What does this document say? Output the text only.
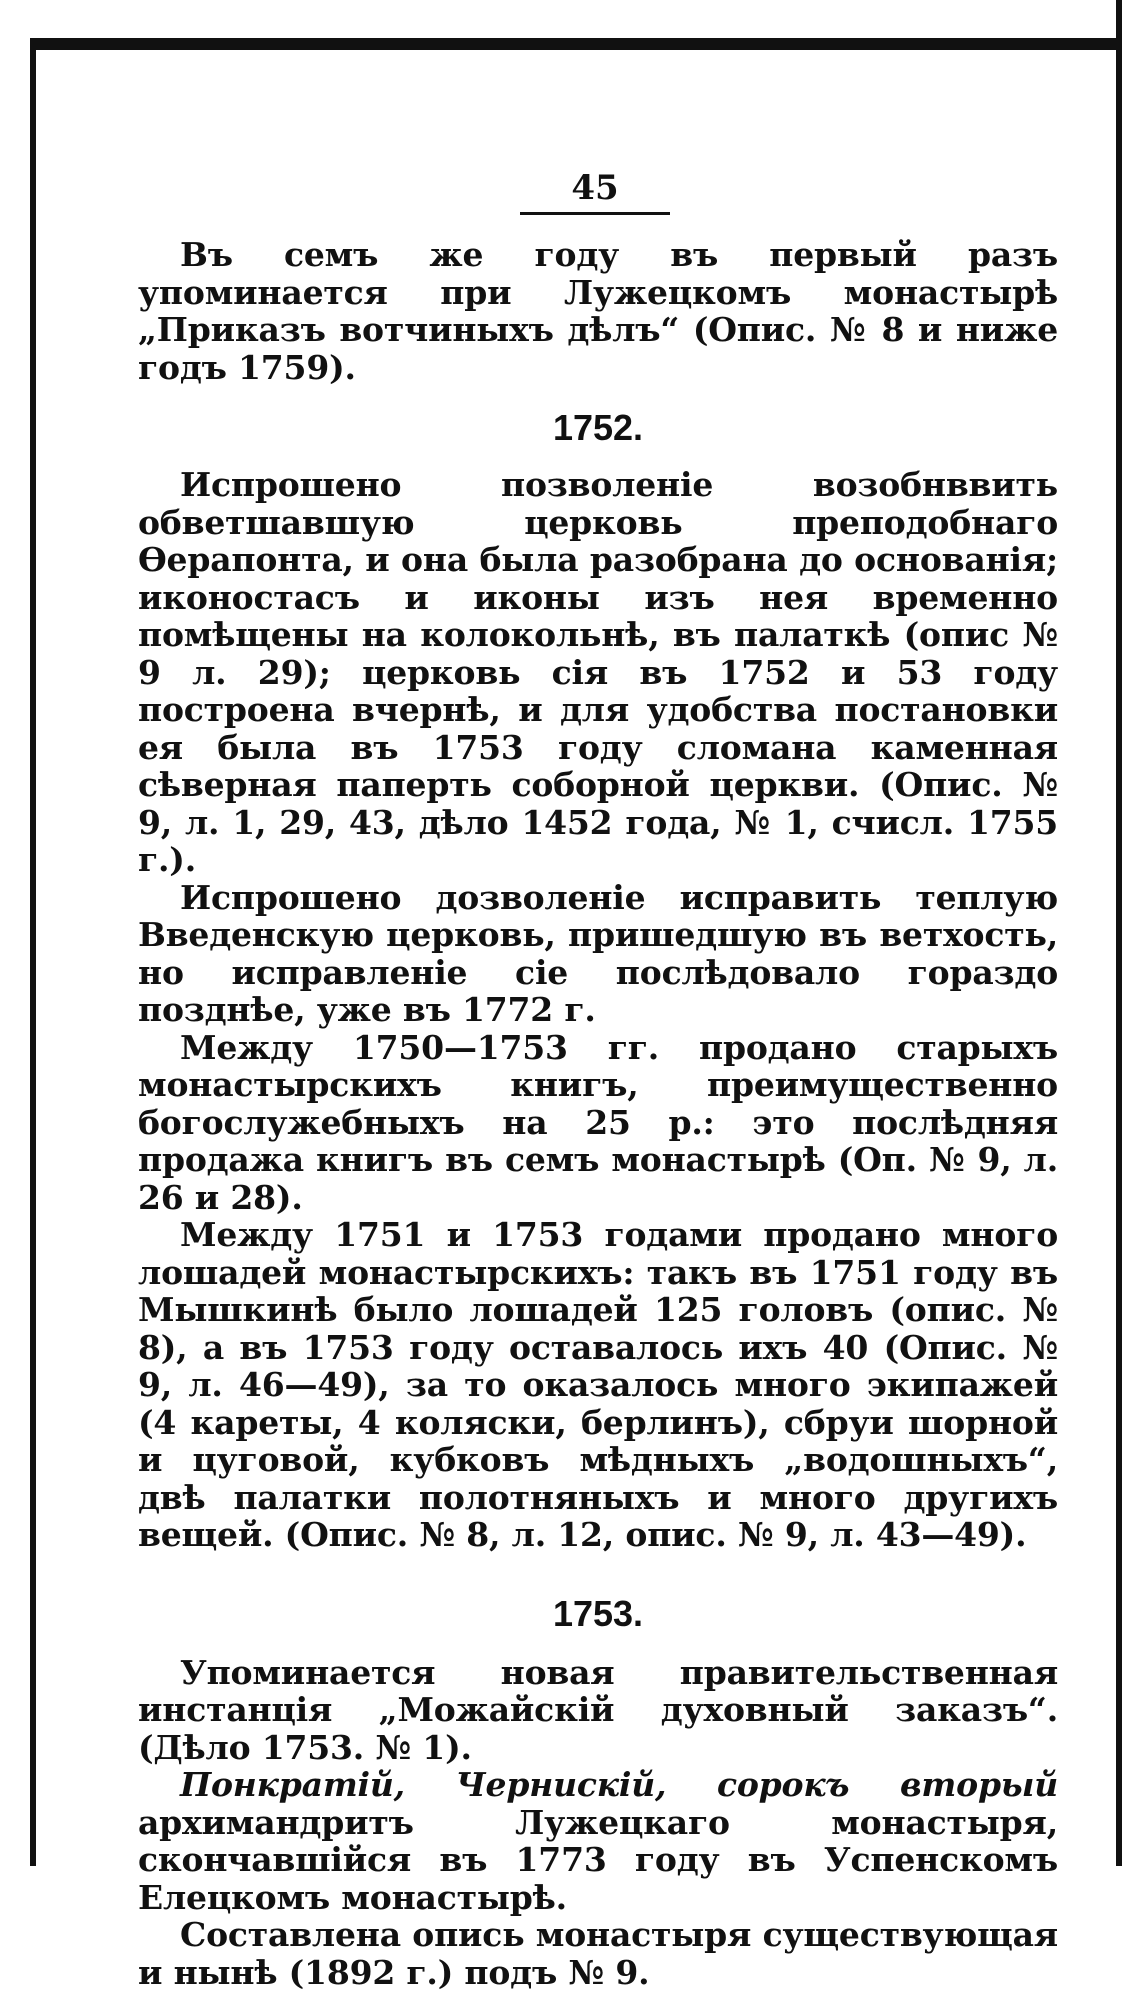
45

Въ семъ же году въ первый разъ упоминается при Лужецкомъ монастырѣ „Приказъ вотчиныхъ дѣлъ“ (Опис. № 8 и ниже годъ 1759).

1752.

Испрошено позволеніе возобнввить обветшавшую церковь преподобнаго Ѳерапонта, и она была разобрана до основанія; иконостасъ и иконы изъ нея временно помѣщены на колокольнѣ, въ палаткѣ (опис № 9 л. 29); церковь сія въ 1752 и 53 году построена вчернѣ, и для удобства постановки ея была въ 1753 году сломана каменная сѣверная паперть соборной церкви. (Опис. № 9, л. 1, 29, 43, дѣло 1452 года, № 1, счисл. 1755 г.).

Испрошено дозволеніе исправить теплую Введенскую церковь, пришедшую въ ветхость, но исправленіе сіе послѣдовало гораздо позднѣе, уже въ 1772 г.

Между 1750—1753 гг. продано старыхъ монастырскихъ книгъ, преимущественно богослужебныхъ на 25 р.: это послѣдняя продажа книгъ въ семъ монастырѣ (Оп. № 9, л. 26 и 28).

Между 1751 и 1753 годами продано много лошадей монастырскихъ: такъ въ 1751 году въ Мышкинѣ было лошадей 125 головъ (опис. № 8), а въ 1753 году оставалось ихъ 40 (Опис. № 9, л. 46—49), за то оказалось много экипажей (4 кареты, 4 коляски, берлинъ), сбруи шорной и цуговой, кубковъ мѣдныхъ „водошныхъ“, двѣ палатки полотняныхъ и много другихъ вещей. (Опис. № 8, л. 12, опис. № 9, л. 43—49).

1753.

Упоминается новая правительственная инстанція „Можайскій духовный заказъ“. (Дѣло 1753. № 1).

Понкратій, Чернискій, сорокъ вторый архимандритъ Лужецкаго монастыря, скончавшійся въ 1773 году въ Успенскомъ Елецкомъ монастырѣ.

Составлена опись монастыря существующая и нынѣ (1892 г.) подъ № 9.
